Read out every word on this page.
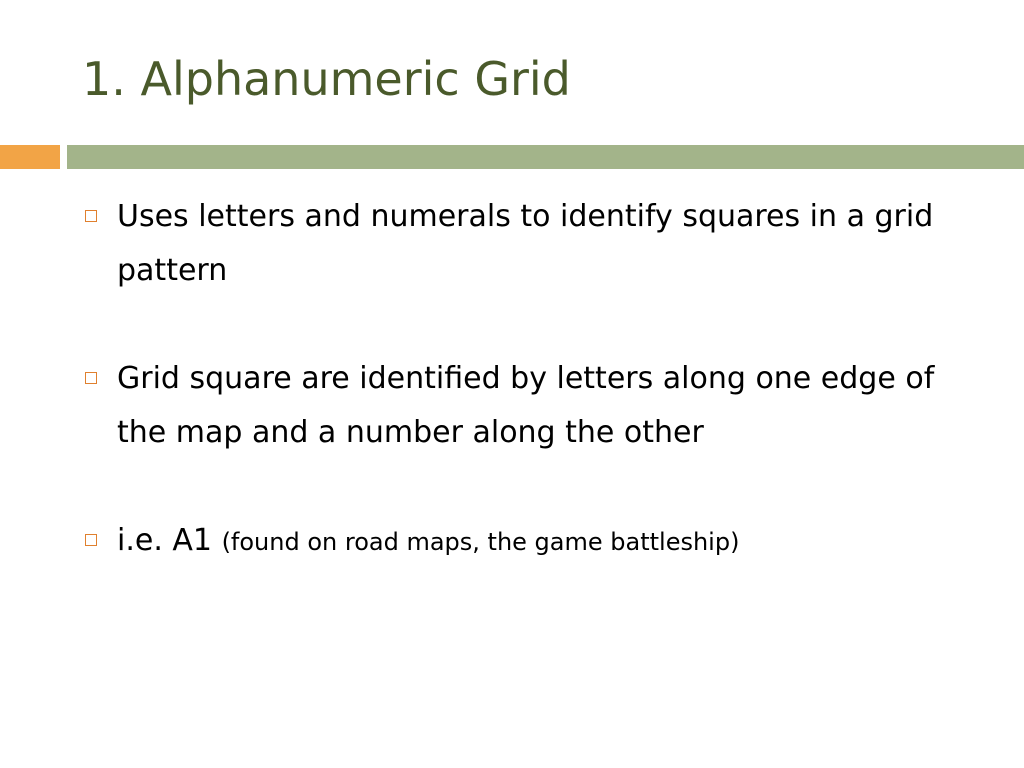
1. Alphanumeric Grid
Uses letters and numerals to identify squares in a grid pattern
Grid square are identified by letters along one edge of the map and a number along the other
i.e. A1 (found on road maps, the game battleship)
